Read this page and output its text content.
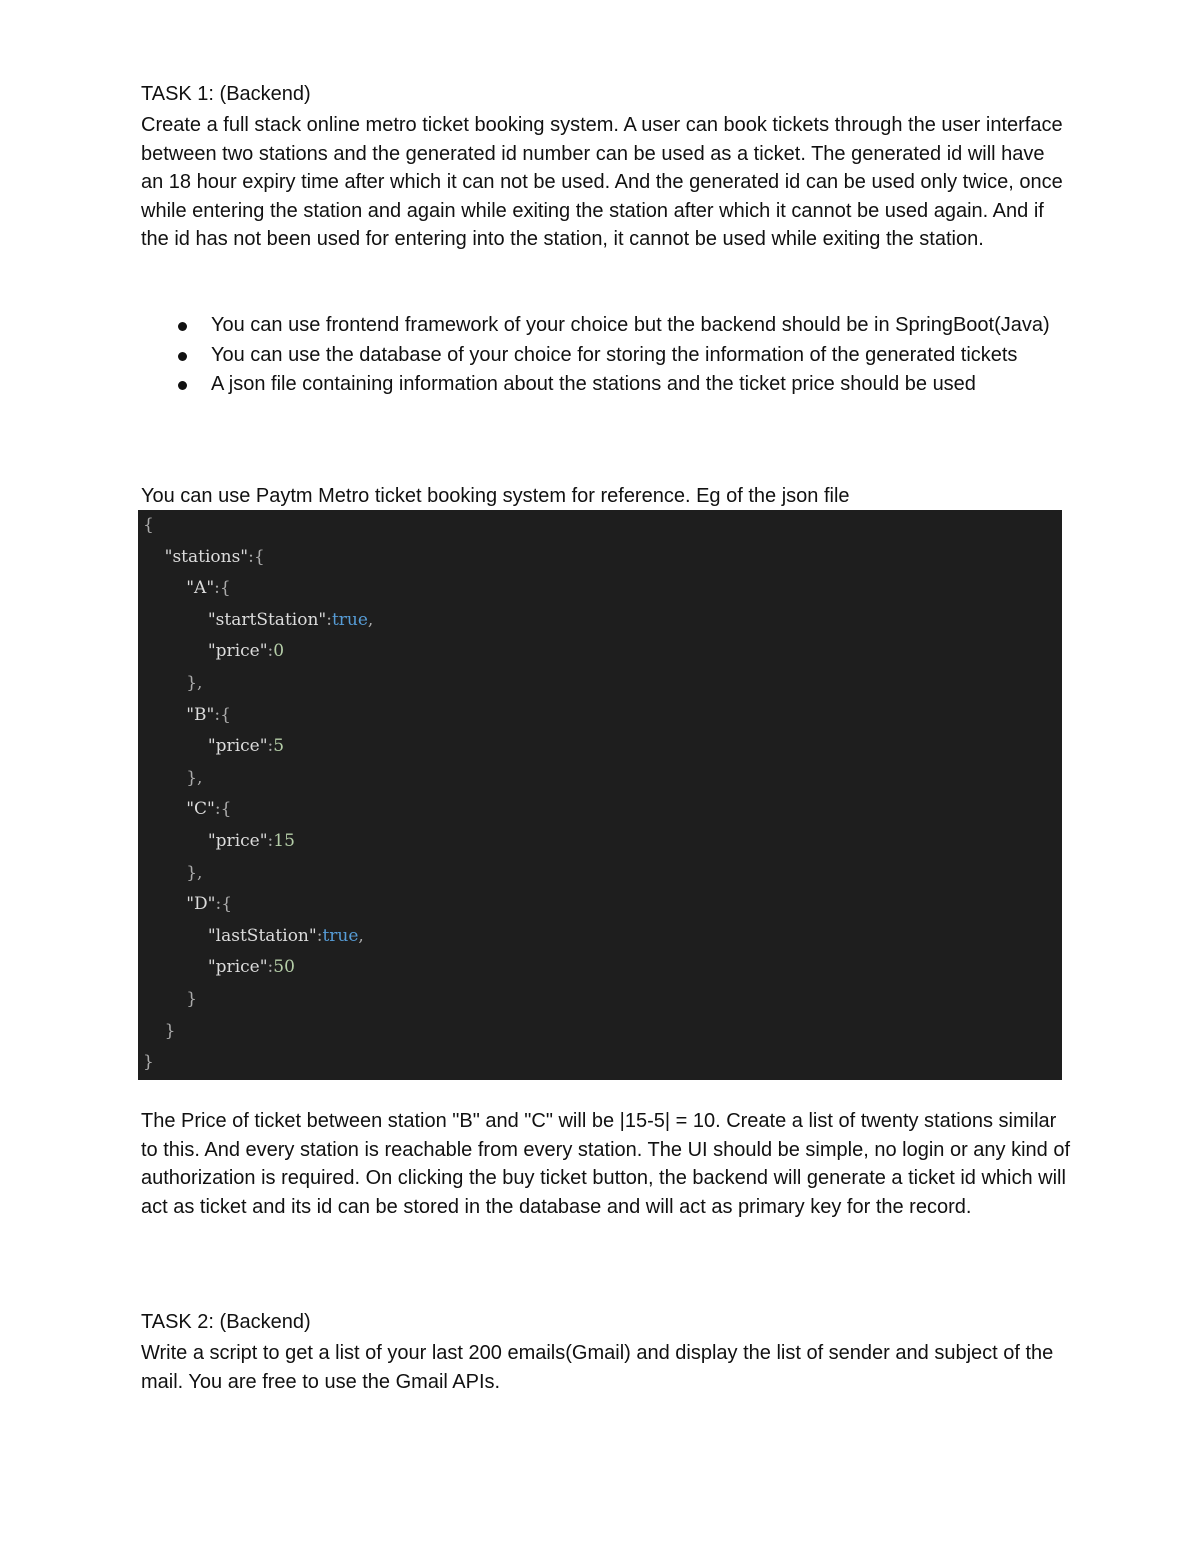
TASK 1: (Backend)
Create a full stack online metro ticket booking system. A user can book tickets through the user interface between two stations and the generated id number can be used as a ticket. The generated id will have an 18 hour expiry time after which it can not be used. And the generated id can be used only twice, once while entering the station and again while exiting the station after which it cannot be used again. And if the id has not been used for entering into the station, it cannot be used while exiting the station.
You can use frontend framework of your choice but the backend should be in SpringBoot(Java)
You can use the database of your choice for storing the information of the generated tickets
A json file containing information about the stations and the ticket price should be used
You can use Paytm Metro ticket booking system for reference. Eg of the json file
{
"stations":{
"A":{
"startStation":true,
"price":0
},
"B":{
"price":5
},
"C":{
"price":15
},
"D":{
"lastStation":true,
"price":50
}
}
}
The Price of ticket between station "B" and "C" will be |15-5| = 10. Create a list of twenty stations similar to this. And every station is reachable from every station. The UI should be simple, no login or any kind of authorization is required. On clicking the buy ticket button, the backend will generate a ticket id which will act as ticket and its id can be stored in the database and will act as primary key for the record.
TASK 2: (Backend)
Write a script to get a list of your last 200 emails(Gmail) and display the list of sender and subject of the mail. You are free to use the Gmail APIs.
